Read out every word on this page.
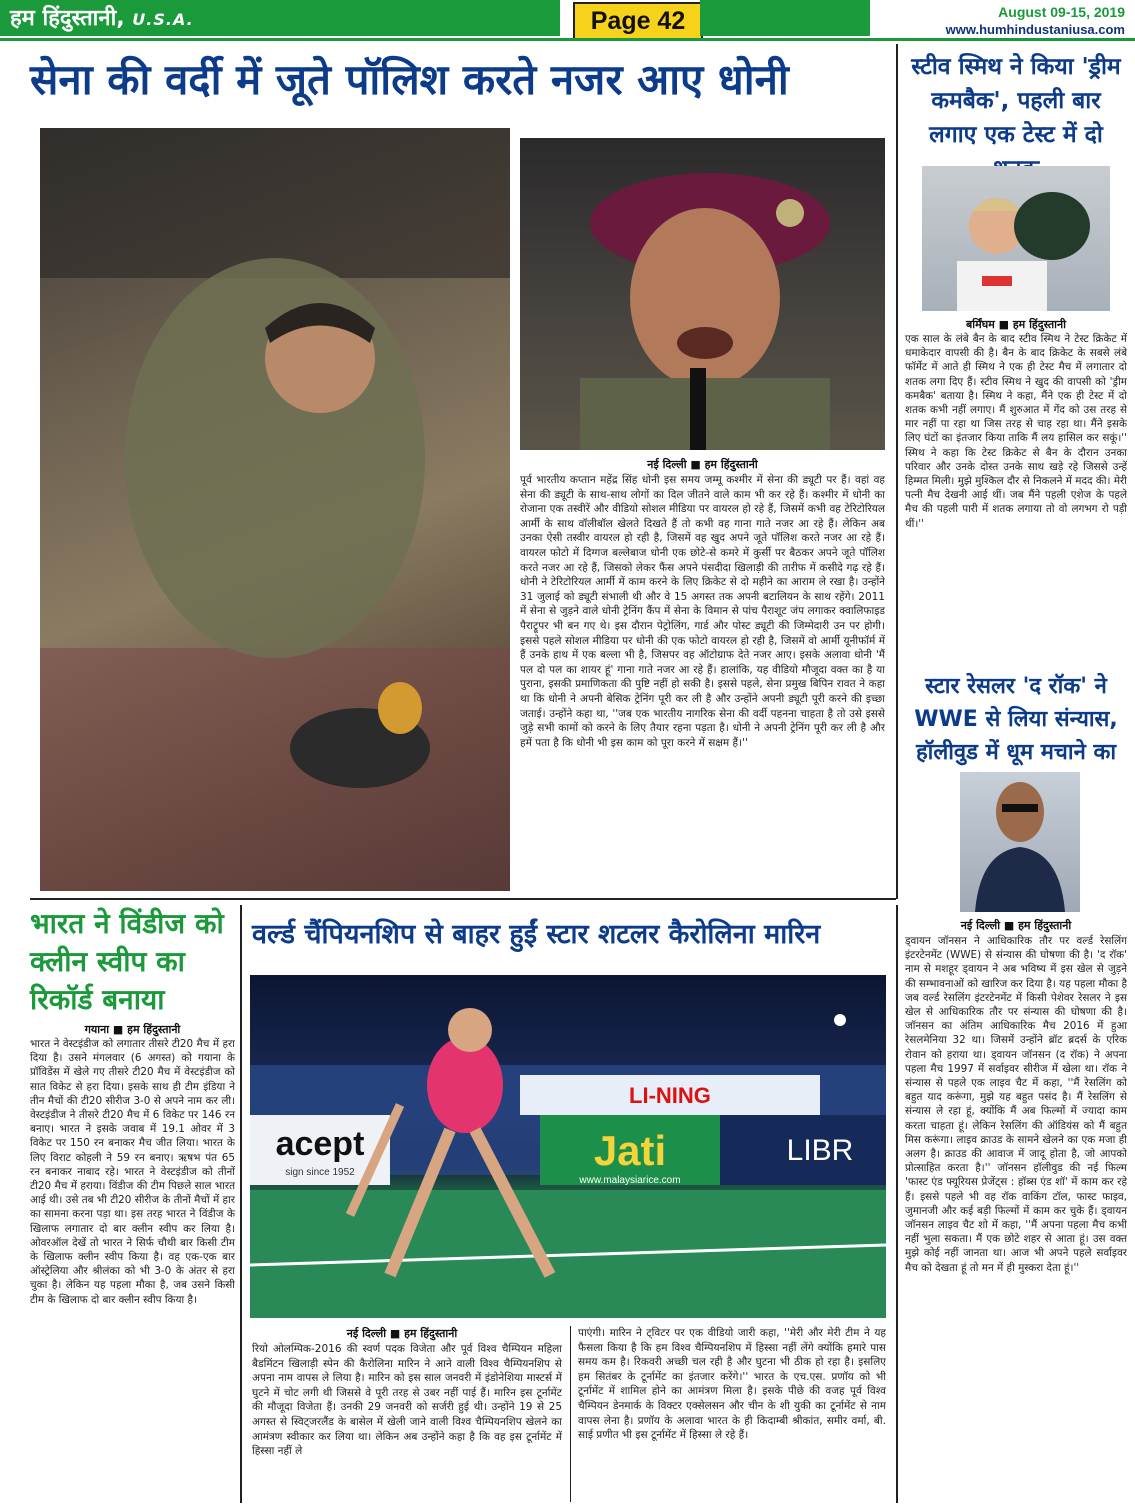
हम हिंदुस्तानी, U.S.A.	Page 42	August 09-15, 2019
www.humhindustaniusa.com
सेना की वर्दी में जूते पॉलिश करते नजर आए धोनी
नई दिल्ली ■ हम हिंदुस्तानी
पूर्व भारतीय कप्तान महेंद्र सिंह धोनी इस समय जम्मू कश्मीर में सेना की ड्यूटी पर हैं। वहां वह सेना की ड्यूटी के साथ-साथ लोगों का दिल जीतने वाले काम भी कर रहे हैं। कश्मीर में धोनी का रोजाना एक तस्वीरें और वीडियो सोशल मीडिया पर वायरल हो रहे हैं, जिसमें कभी वह टेरिटोरियल आर्मी के साथ वॉलीबॉल खेलते दिखते हैं तो कभी वह गाना गाते नजर आ रहे हैं। लेकिन अब उनका ऐसी तस्वीर वायरल हो रही है, जिसमें वह खुद अपने जूते पॉलिश करते नजर आ रहे हैं। वायरल फोटो में दिग्गज बल्लेबाज धोनी एक छोटे-से कमरे में कुर्सी पर बैठकर अपने जूते पॉलिश करते नजर आ रहे हैं, जिसको लेकर फैंस अपने पंसदीदा खिलाड़ी की तारीफ में कसीदे गढ़ रहे हैं। धोनी ने टेरिटोरियल आर्मी में काम करने के लिए क्रिकेट से दो महीने का आराम ले रखा है। उन्होंने 31 जुलाई को ड्यूटी संभाली थी और वे 15 अगस्त तक अपनी बटालियन के साथ रहेंगे। 2011 में सेना से जुड़ने वाले धोनी ट्रेनिंग कैंप में सेना के विमान से पांच पैराशूट जंप लगाकर क्वालिफाइड पैराट्रूपर भी बन गए थे। इस दौरान पेट्रोलिंग, गार्ड और पोस्ट ड्यूटी की जिम्मेदारी उन पर होगी। इससे पहले सोशल मीडिया पर धोनी की एक फोटो वायरल हो रही है, जिसमें वो आर्मी यूनीफॉर्म में हैं उनके हाथ में एक बल्ला भी है, जिसपर वह ऑटोग्राफ देते नजर आए। इसके अलावा धोनी 'मैं पल दो पल का शायर हूं' गाना गाते नजर आ रहे हैं। हालांकि, यह वीडियो मौजूदा वक्त का है या पुराना, इसकी प्रमाणिकता की पुष्टि नहीं हो सकी है। इससे पहले, सेना प्रमुख बिपिन रावत ने कहा था कि धोनी ने अपनी बेसिक ट्रेनिंग पूरी कर ली है और उन्होंने अपनी ड्यूटी पूरी करने की इच्छा जताई। उन्होंने कहा था, ''जब एक भारतीय नागरिक सेना की वर्दी पहनना चाहता है तो उसे इससे जुड़े सभी कामों को करने के लिए तैयार रहना पड़ता है। धोनी ने अपनी ट्रेनिंग पूरी कर ली है और हमें पता है कि धोनी भी इस काम को पूरा करने में सक्षम हैं।''
स्टीव स्मिथ ने किया 'ड्रीम कमबैक', पहली बार लगाए एक टेस्ट में दो
बर्मिंघम ■ हम हिंदुस्तानी
एक साल के लंबे बैन के बाद स्टीव स्मिथ ने टेस्ट क्रिकेट में धमाकेदार वापसी की है। बैन के बाद क्रिकेट के सबसे लंबे फॉर्मेट में आते ही स्मिथ ने एक ही टेस्ट मैच में लगातार दो शतक लगा दिए हैं। स्टीव स्मिथ ने खुद की वापसी को 'ड्रीम कमबैक' बताया है। स्मिथ ने कहा, मैंने एक ही टेस्ट में दो शतक कभी नहीं लगाए। मैं शुरुआत में गेंद को उस तरह से मार नहीं पा रहा था जिस तरह से चाह रहा था। मैंने इसके लिए घंटों का इंतजार किया ताकि मैं लय हासिल कर सकूं।'' स्मिथ ने कहा कि टेस्ट क्रिकेट से बैन के दौरान उनका परिवार और उनके दोस्त उनके साथ खड़े रहे जिससे उन्हें हिम्मत मिली। मुझे मुश्किल दौर से निकलने में मदद की। मेरी पत्नी मैच देखनी आई थीं। जब मैंने पहली एशेज के पहले मैच की पहली पारी में शतक लगाया तो वो लगभग रो पड़ी थीं।''
स्टार रेसलर 'द रॉक' ने WWE से लिया संन्यास, हॉलीवुड में धूम मचाने का
नई दिल्ली ■ हम हिंदुस्तानी
ड्वायन जॉनसन ने आधिकारिक तौर पर वर्ल्ड रेसलिंग इंटरटेनमेंट (WWE) से संन्यास की घोषणा की है। 'द रॉक' नाम से मशहूर ड्वायन ने अब भविष्य में इस खेल से जुड़ने की सम्भावनाओं को खारिज कर दिया है। यह पहला मौका है जब वर्ल्ड रेसलिंग इंटरटेनमेंट में किसी पेशेवर रेसलर ने इस खेल से आधिकारिक तौर पर संन्यास की घोषणा की है। जॉनसन का अंतिम आधिकारिक मैच 2016 में हुआ रेसलमेनिया 32 था। जिसमें उन्होंने ब्रॉट ब्रदर्स के एरिक रोवान को हराया था। ड्वायन जॉनसन (द रॉक) ने अपना पहला मैच 1997 में सर्वाइवर सीरीज में खेला था। रॉक ने संन्यास से पहले एक लाइव चैट में कहा, ''मैं रेसलिंग को बहुत याद करूंगा, मुझे यह बहुत पसंद है। मैं रेसलिंग से संन्यास ले रहा हूं, क्योंकि मैं अब फिल्मों में ज्यादा काम करता चाहता हूं। लेकिन रेसलिंग की ऑडियंस को मैं बहुत मिस करूंगा। लाइव क्राउड के सामने खेलने का एक मजा ही अलग है। क्राउड की आवाज में जादू होता है, जो आपको प्रोत्साहित करता है।'' जॉनसन हॉलीवुड की नई फिल्म 'फास्ट एंड फ्यूरियस प्रेजेंट्स : हॉब्स एंड शॉ' में काम कर रहे हैं। इससे पहले भी वह रॉक वाकिंग टॉल, फास्ट फाइव, जुमानजी और कई बड़ी फिल्मों में काम कर चुके हैं। ड्वायन जॉनसन लाइव चैट शो में कहा, ''मैं अपना पहला मैच कभी नहीं भुला सकता। मैं एक छोटे शहर से आता हूं। उस वक्त मुझे कोई नहीं जानता था। आज भी अपने पहले सर्वाइवर मैच को देखता हूं तो मन में ही मुस्करा देता हूं।''
भारत ने विंडीज को क्लीन स्वीप का रिकॉर्ड बनाया
गयाना ■ हम हिंदुस्तानी
भारत ने वेस्टइंडीज को लगातार तीसरे टी20 मैच में हरा दिया है। उसने मंगलवार (6 अगस्त) को गयाना के प्रॉविडेंस में खेले गए तीसरे टी20 मैच में वेस्टइंडीज को सात विकेट से हरा दिया। इसके साथ ही टीम इंडिया ने तीन मैचों की टी20 सीरीज 3-0 से अपने नाम कर ली। वेस्टइंडीज ने तीसरे टी20 मैच में 6 विकेट पर 146 रन बनाए। भारत ने इसके जवाब में 19.1 ओवर में 3 विकेट पर 150 रन बनाकर मैच जीत लिया। भारत के लिए विराट कोहली ने 59 रन बनाए। ऋषभ पंत 65 रन बनाकर नाबाद रहे। भारत ने वेस्टइंडीज को तीनों टी20 मैच में हराया। विंडीज की टीम पिछले साल भारत आई थी। उसे तब भी टी20 सीरीज के तीनों मैचों में हार का सामना करना पड़ा था। इस तरह भारत ने विंडीज के खिलाफ लगातार दो बार क्लीन स्वीप कर लिया है। ओवरऑल देखें तो भारत ने सिर्फ चौथी बार किसी टीम के खिलाफ क्लीन स्वीप किया है। वह एक-एक बार ऑस्ट्रेलिया और श्रीलंका को भी 3-0 के अंतर से हरा चुका है। लेकिन यह पहला मौका है, जब उसने किसी टीम के खिलाफ दो बार क्लीन स्वीप किया है।
वर्ल्ड चैंपियनशिप से बाहर हुईं स्टार शटलर कैरोलिना मारिन
LI-NING
Jati
www.malaysiarice.com
LIBR
acept
sign since 1952
नई दिल्ली ■ हम हिंदुस्तानी
रियो ओलम्पिक-2016 की स्वर्ण पदक विजेता और पूर्व विश्व चैम्पियन महिला बैडमिंटन खिलाड़ी स्पेन की कैरोलिना मारिन ने आने वाली विश्व चैम्पियनशिप से अपना नाम वापस ले लिया है। मारिन को इस साल जनवरी में इंडोनेशिया मास्टर्स में घुटने में चोट लगी थी जिससे वे पूरी तरह से उबर नहीं पाई हैं। मारिन इस टूर्नामेंट की मौजूदा विजेता हैं। उनकी 29 जनवरी को सर्जरी हुई थी। उन्होंने 19 से 25 अगस्त से स्विट्जरलैंड के बासेल में खेली जाने वाली विश्व चैम्पियनशिप खेलने का आमंत्रण स्वीकार कर लिया था। लेकिन अब उन्होंने कहा है कि वह इस टूर्नामेंट में हिस्सा नहीं ले
पाएंगी। मारिन ने ट्विटर पर एक वीडियो जारी कहा, ''मेरी और मेरी टीम ने यह फैसला किया है कि हम विश्व चैम्पियनशिप में हिस्सा नहीं लेंगे क्योंकि हमारे पास समय कम है। रिकवरी अच्छी चल रही है और घुटना भी ठीक हो रहा है। इसलिए हम सितंबर के टूर्नामेंट का इंतजार करेंगे।'' भारत के एच.एस. प्रणॉय को भी टूर्नामेंट में शामिल होने का आमंत्रण मिला है। इसके पीछे की वजह पूर्व विश्व चैम्पियन डेनमार्क के विक्टर एक्सेलसन और चीन के शी युकी का टूर्नामेंट से नाम वापस लेना है। प्रणॉय के अलावा भारत के ही किदाम्बी श्रीकांत, समीर वर्मा, बी. साई प्रणीत भी इस टूर्नामेंट में हिस्सा ले रहे हैं।
